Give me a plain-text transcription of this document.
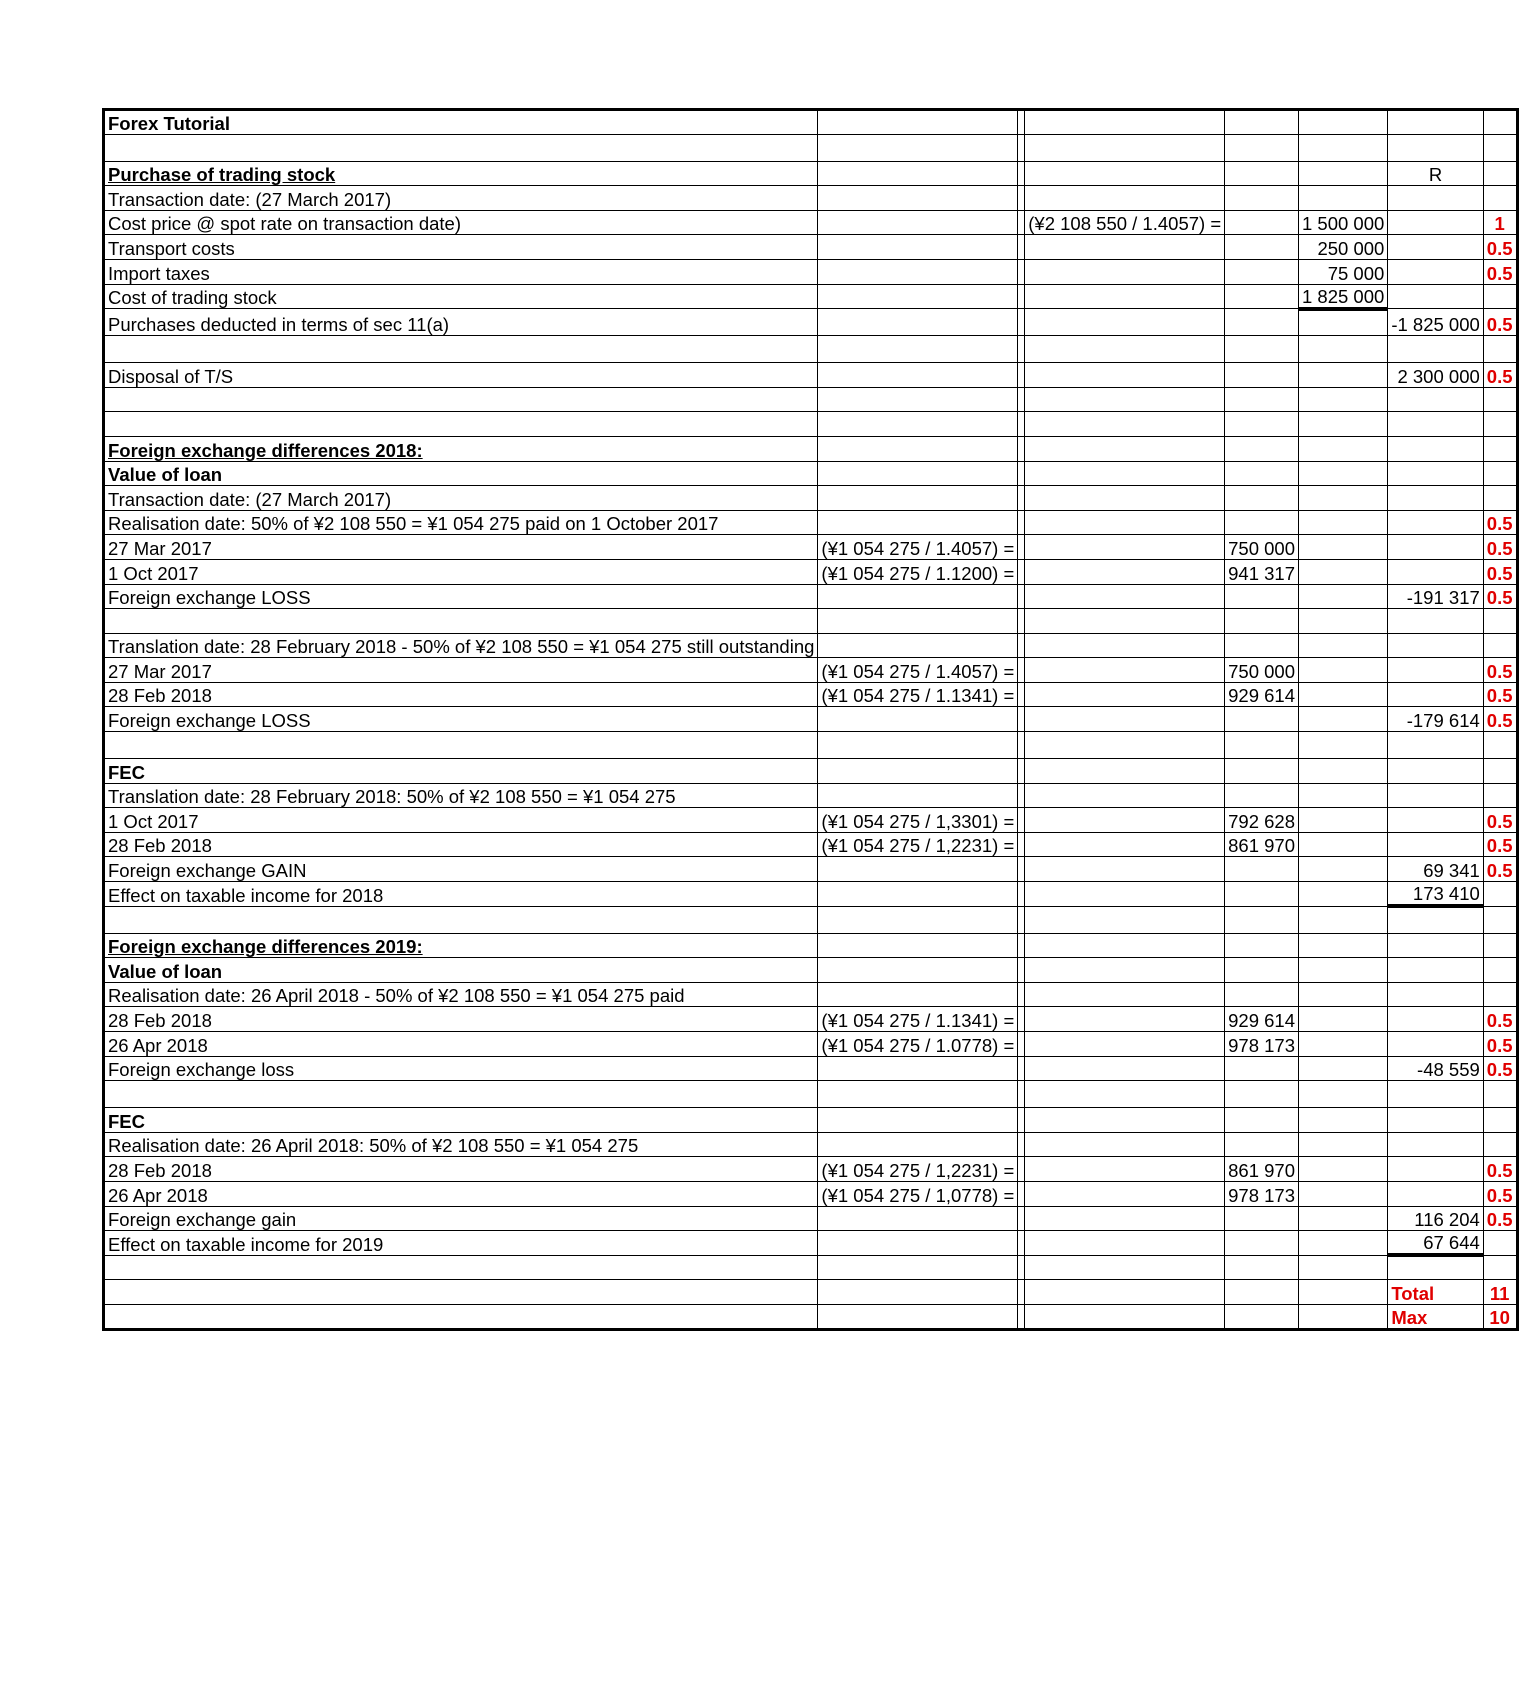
Forex Tutorial							

Purchase of trading stock						R	
Transaction date: (27 March 2017)							
Cost price @ spot rate on transaction date)			(¥2 108 550 / 1.4057) =		1 500 000		1
Transport costs					250 000		0.5
Import taxes					75 000		0.5
Cost of trading stock					1 825 000		
Purchases deducted in terms of sec 11(a)						-1 825 000	0.5

Disposal of T/S						2 300 000	0.5

Foreign exchange differences 2018:							
Value of loan							
Transaction date: (27 March 2017)							
Realisation date: 50% of ¥2 108 550 = ¥1 054 275 paid on 1 October 2017							0.5
27 Mar 2017	(¥1 054 275 / 1.4057) =			750 000			0.5
1 Oct 2017	(¥1 054 275 / 1.1200) =			941 317			0.5
Foreign exchange LOSS						-191 317	0.5

Translation date: 28 February 2018 - 50% of ¥2 108 550 = ¥1 054 275 still outstanding							
27 Mar 2017	(¥1 054 275 / 1.4057) =			750 000			0.5
28 Feb 2018	(¥1 054 275 / 1.1341) =			929 614			0.5
Foreign exchange LOSS						-179 614	0.5

FEC							
Translation date: 28 February 2018: 50% of ¥2 108 550 = ¥1 054 275							
1 Oct 2017	(¥1 054 275 / 1,3301) =			792 628			0.5
28 Feb 2018	(¥1 054 275 / 1,2231) =			861 970			0.5
Foreign exchange GAIN						69 341	0.5
Effect on taxable income for 2018						173 410	

Foreign exchange differences 2019:							
Value of loan							
Realisation date: 26 April 2018 - 50% of ¥2 108 550 = ¥1 054 275 paid							
28 Feb 2018	(¥1 054 275 / 1.1341) =			929 614			0.5
26 Apr 2018	(¥1 054 275 / 1.0778) =			978 173			0.5
Foreign exchange loss						-48 559	0.5

FEC							
Realisation date: 26 April 2018: 50% of ¥2 108 550 = ¥1 054 275							
28 Feb 2018	(¥1 054 275 / 1,2231) =			861 970			0.5
26 Apr 2018	(¥1 054 275 / 1,0778) =			978 173			0.5
Foreign exchange gain						116 204	0.5
Effect on taxable income for 2019						67 644	

						Total	11
						Max	10
